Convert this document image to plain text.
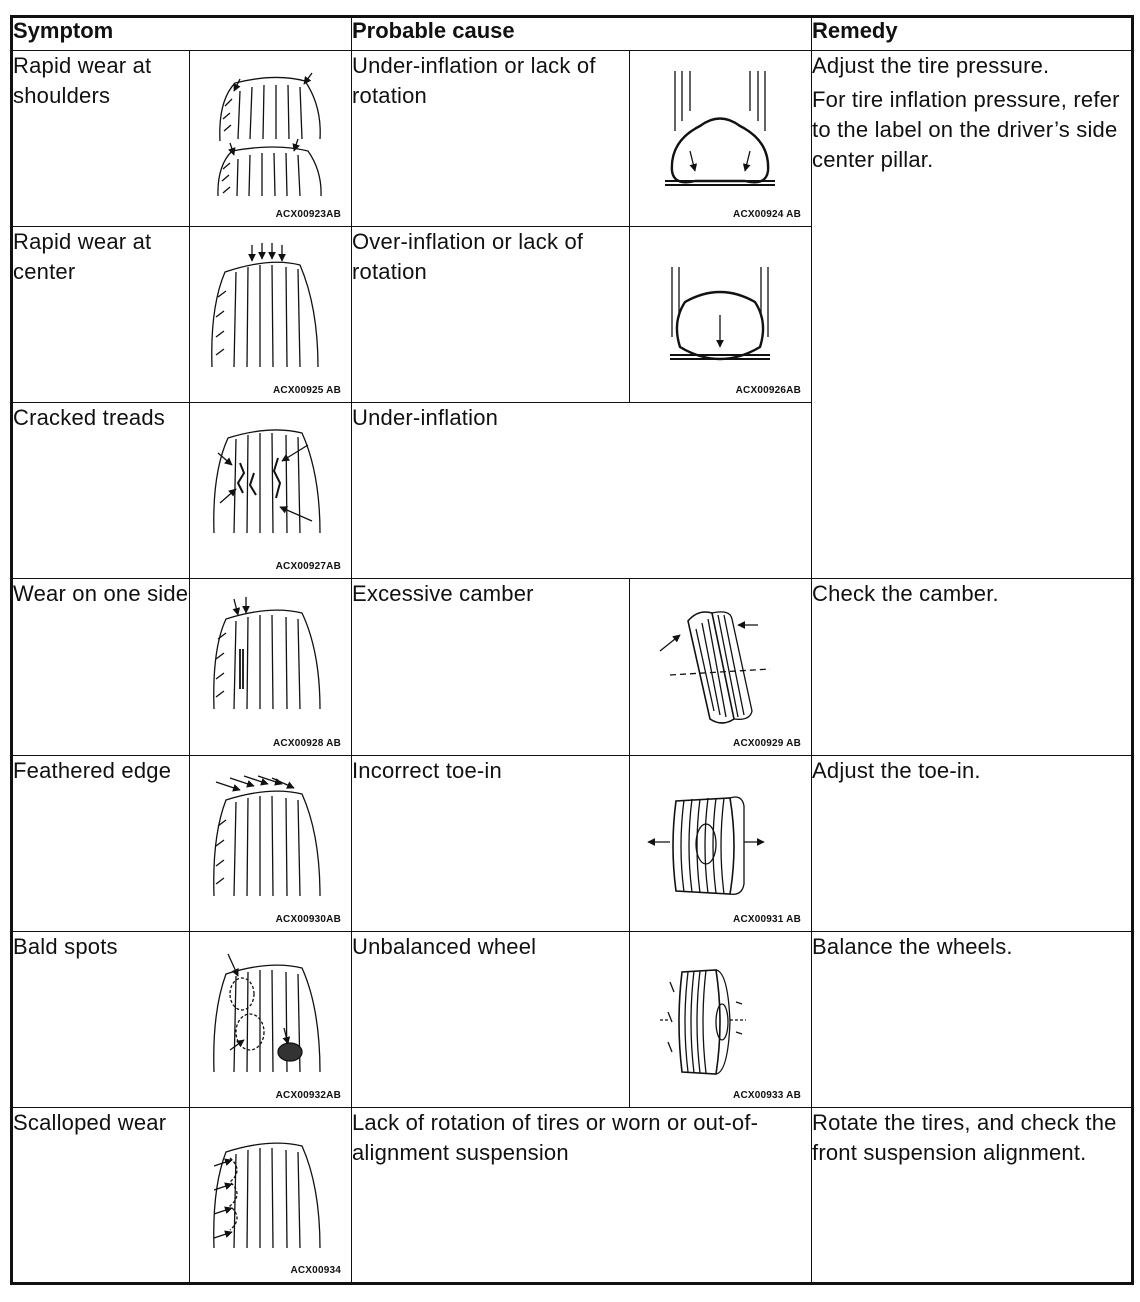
Symptom		Probable cause		Remedy
Rapid wear at shoulders	ACX00923AB	Under-inflation or lack of rotation	ACX00924 AB	Adjust the tire pressure.

For tire inflation pressure, refer to the label on the driver’s side center pillar.

Rapid wear at center	ACX00925 AB	Over-inflation or lack of rotation	ACX00926AB	

Cracked treads	ACX00927AB	Under-inflation		
Wear on one side	ACX00928 AB	Excessive camber	ACX00929 AB	Check the camber.
Feathered edge	ACX00930AB	Incorrect toe-in	ACX00931 AB	Adjust the toe-in.
Bald spots	ACX00932AB	Unbalanced wheel	ACX00933 AB	Balance the wheels.
Scalloped wear	ACX00934	Lack of rotation of tires or worn or out-of-alignment suspension		Rotate the tires, and check the front suspension alignment.
